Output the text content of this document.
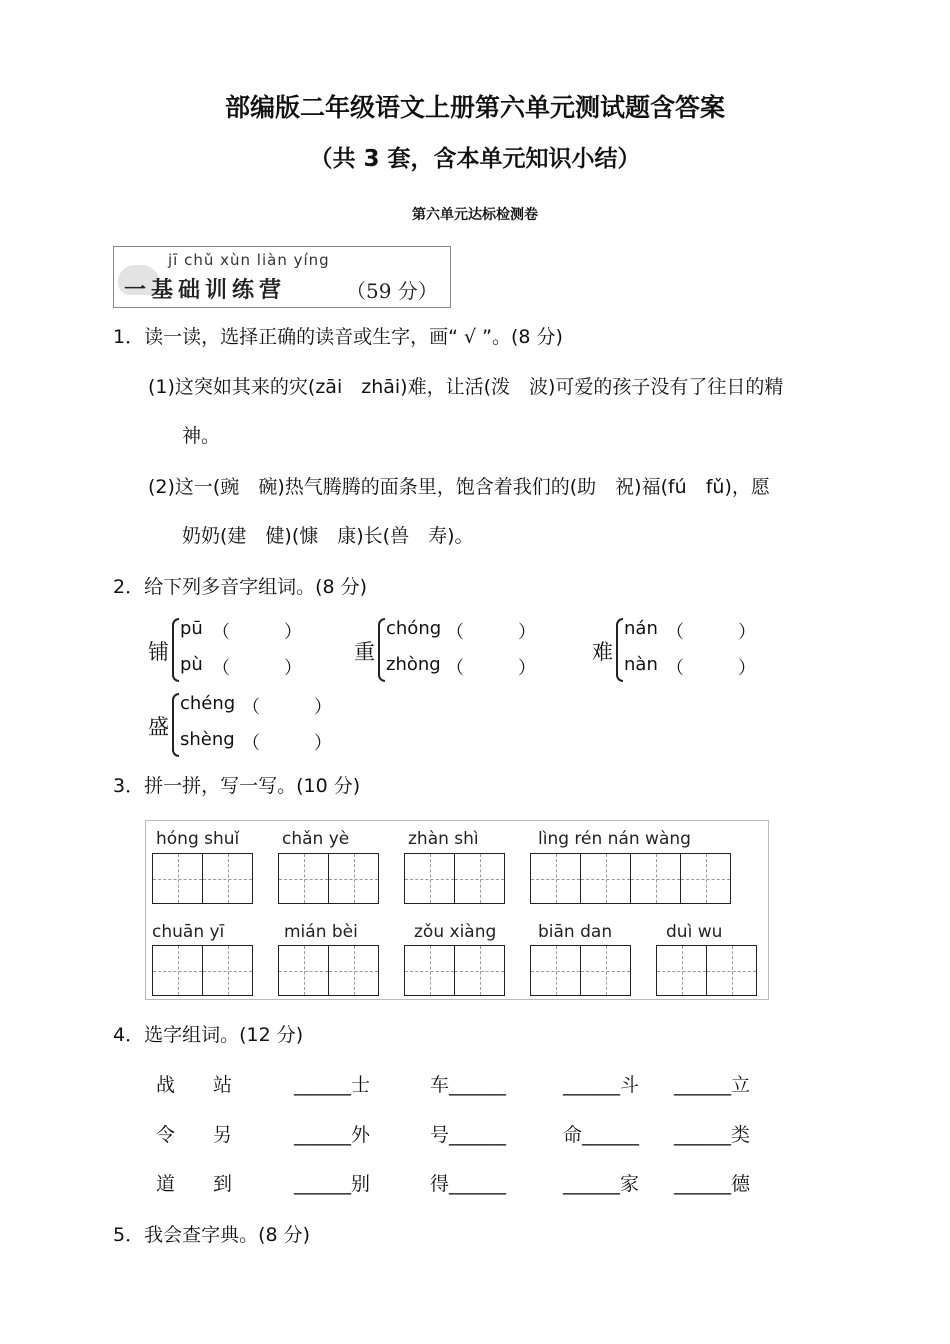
部编版二年级语文上册第六单元测试题含答案
（共 3 套，含本单元知识小结）
第六单元达标检测卷
jī chǔ xùn liàn yíng
一基础训练营	（59 分）
1．读一读，选择正确的读音或生字，画“ √ ”。(8 分)
(1)这突如其来的灾(zāi　zhāi)难，让活(泼　波)可爱的孩子没有了往日的精
神。
(2)这一(豌　碗)热气腾腾的面条里，饱含着我们的(助　祝)福(fú　fǔ)，愿
奶奶(建　健)(慷　康)长(兽　寿)。
2．给下列多音字组词。(8 分)
铺
pū （　　　）
pù （　　　）
重
chóng （　　　）
zhòng （　　　）
难
nán （　　　）
nàn （　　　）
盛
chéng （　　　）
shèng （　　　）
3．拼一拼，写一写。(10 分)
hóng shuǐ	chǎn yè	zhàn shì	lìng rén nán wàng
chuān yī	mián bèi	zǒu xiàng biān dan	duì wu
4．选字组词。(12 分)
战　　站	______士	车______	______斗 ______立
令　　另	______外	号______	命______ ______类
道　　到	______别	得______	______家 ______德
5．我会查字典。(8 分)
